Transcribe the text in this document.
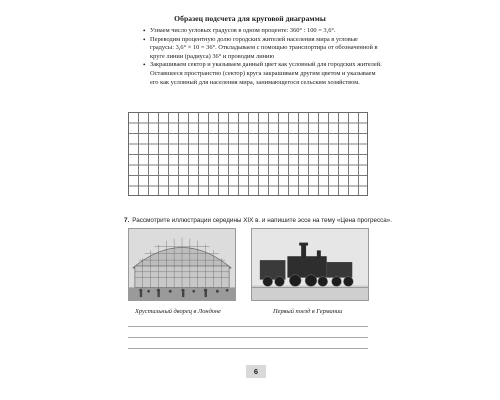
Образец подсчета для круговой диаграммы
• Узнаем число угловых градусов в одном проценте: 360° : 100 = 3,6°.
• Переводим процентную долю городских жителей населения мира в угловые градусы: 3,6° × 10 = 36°. Откладываем с помощью транспортира от обозначенной в круге линии (радиуса) 36° и проводим линию
• Закрашиваем сектор и указываем данный цвет как условный для городских жителей. Оставшееся пространство (сектор) круга закрашиваем другим цветом и указываем его как условный для населения мира, занимающегося сельским хозяйством.
7. Рассмотрите иллюстрации середины XIX в. и напишите эссе на тему «Цена прогресса».
Хрустальный дворец в Лондоне	Первый поезд в Германии
6
